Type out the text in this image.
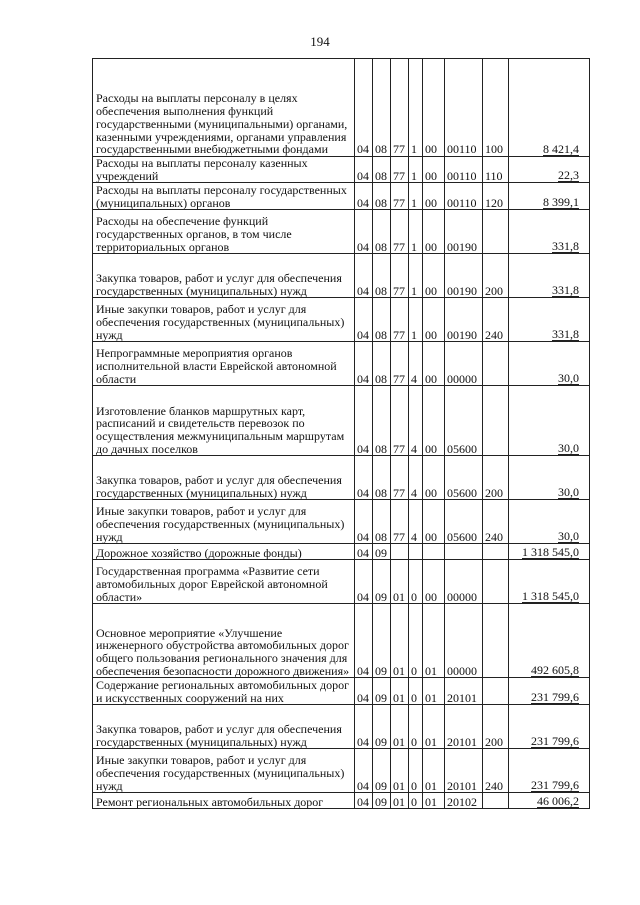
194
Расходы на выплаты персоналу в целях обеспечения выполнения функций государственными (муниципальными) органами, казенными учреждениями, органами управления государственными внебюджетными фондами	04	08	77	1	00	00110	100	8 421,4
Расходы на выплаты персоналу казенных учреждений	04	08	77	1	00	00110	110	22,3
Расходы на выплаты персоналу государственных (муниципальных) органов	04	08	77	1	00	00110	120	8 399,1
Расходы на обеспечение функций государственных органов, в том числе территориальных органов	04	08	77	1	00	00190		331,8
Закупка товаров, работ и услуг для обеспечения государственных (муниципальных) нужд	04	08	77	1	00	00190	200	331,8
Иные закупки товаров, работ и услуг для обеспечения государственных (муниципальных) нужд	04	08	77	1	00	00190	240	331,8
Непрограммные мероприятия органов исполнительной власти Еврейской автономной области	04	08	77	4	00	00000		30,0
Изготовление бланков маршрутных карт, расписаний и свидетельств перевозок по осуществления межмуниципальным маршрутам до дачных поселков	04	08	77	4	00	05600		30,0
Закупка товаров, работ и услуг для обеспечения государственных (муниципальных) нужд	04	08	77	4	00	05600	200	30,0
Иные закупки товаров, работ и услуг для обеспечения государственных (муниципальных) нужд	04	08	77	4	00	05600	240	30,0
Дорожное хозяйство (дорожные фонды)	04	09						1 318 545,0
Государственная программа «Развитие сети автомобильных дорог Еврейской автономной области»	04	09	01	0	00	00000		1 318 545,0
Основное мероприятие «Улучшение инженерного обустройства автомобильных дорог общего пользования регионального значения для обеспечения безопасности дорожного движения»	04	09	01	0	01	00000		492 605,8
Содержание региональных автомобильных дорог и искусственных сооружений на них	04	09	01	0	01	20101		231 799,6
Закупка товаров, работ и услуг для обеспечения государственных (муниципальных) нужд	04	09	01	0	01	20101	200	231 799,6
Иные закупки товаров, работ и услуг для обеспечения государственных (муниципальных) нужд	04	09	01	0	01	20101	240	231 799,6
Ремонт региональных автомобильных дорог	04	09	01	0	01	20102		46 006,2
